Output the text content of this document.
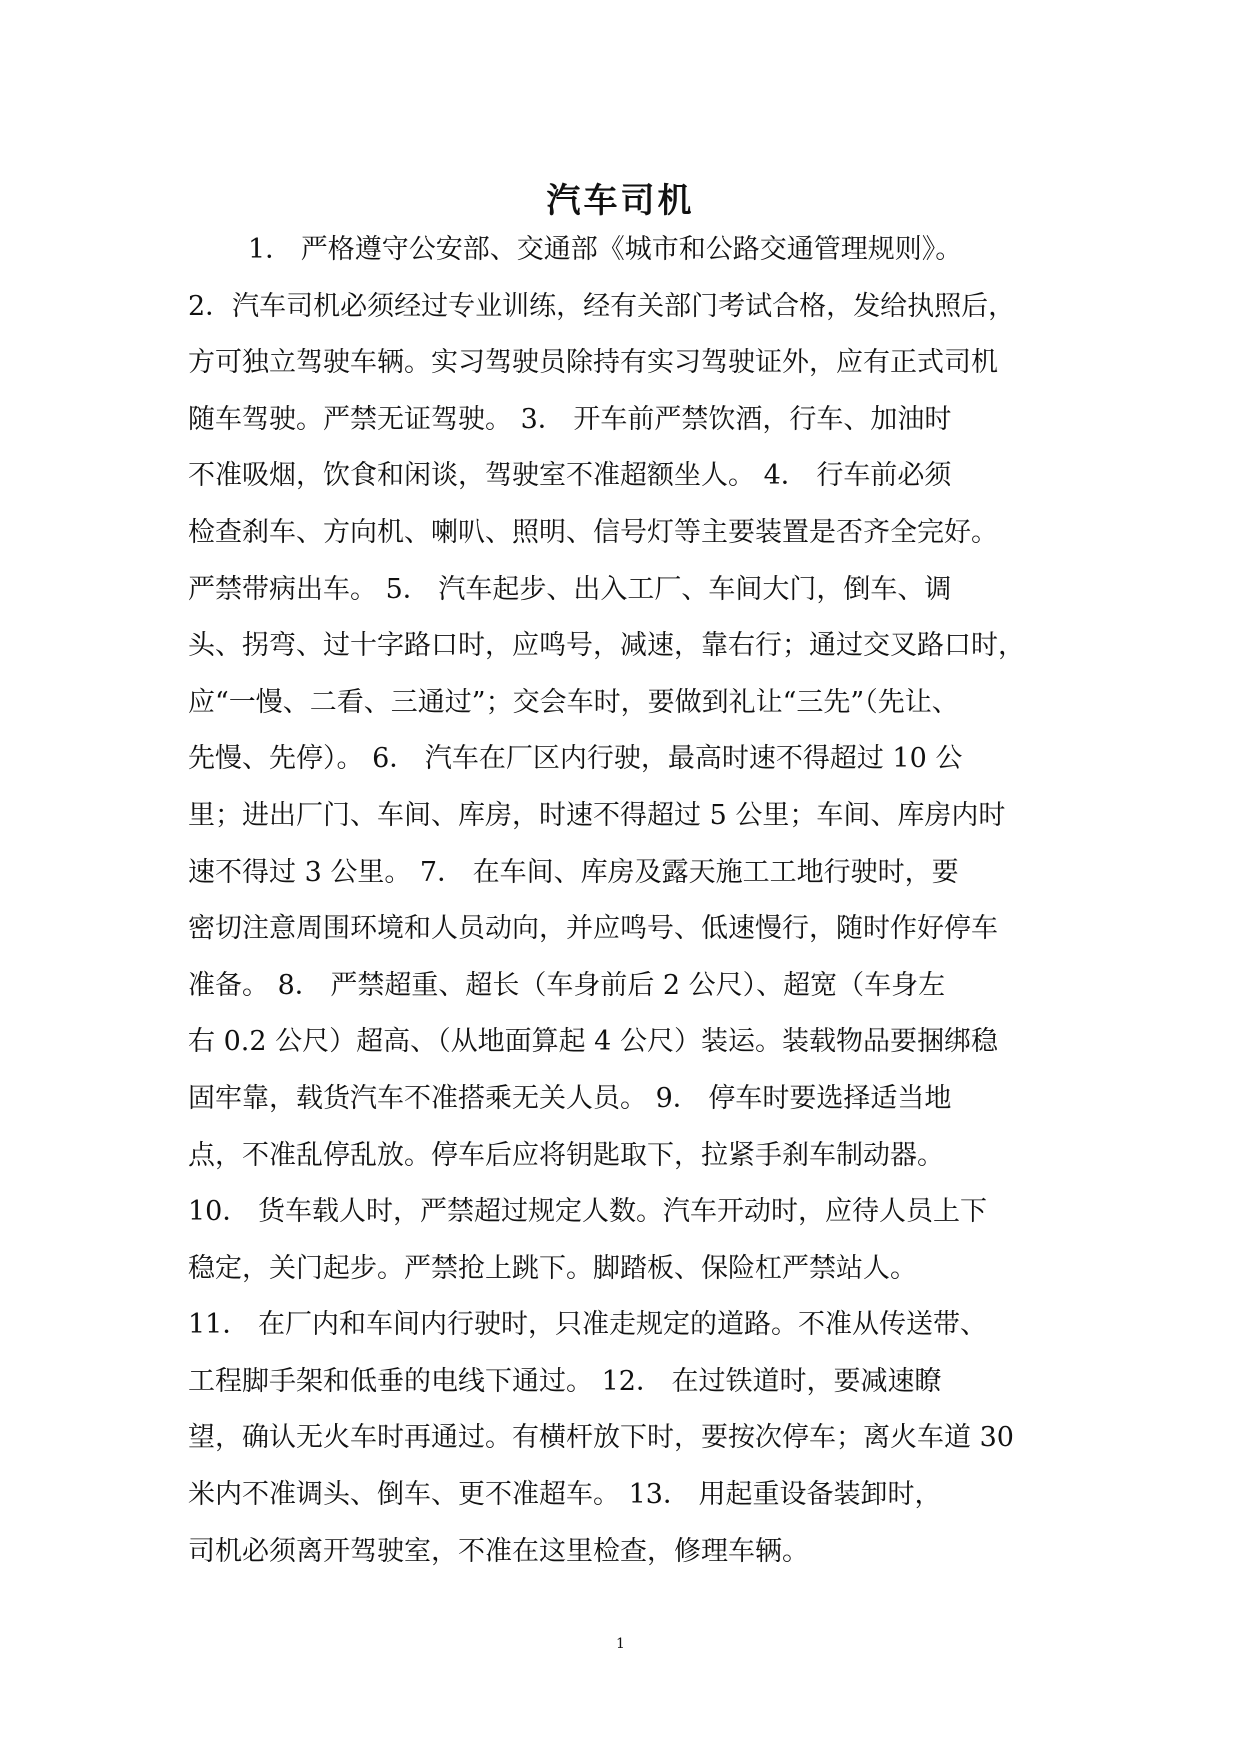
汽车司机
1． 严格遵守公安部、交通部《城市和公路交通管理规则》。
2．汽车司机必须经过专业训练，经有关部门考试合格，发给执照后，
方可独立驾驶车辆。实习驾驶员除持有实习驾驶证外，应有正式司机
随车驾驶。严禁无证驾驶。 3． 开车前严禁饮酒，行车、加油时
不准吸烟，饮食和闲谈，驾驶室不准超额坐人。 4． 行车前必须
检查刹车、方向机、喇叭、照明、信号灯等主要装置是否齐全完好。
严禁带病出车。 5． 汽车起步、出入工厂、车间大门，倒车、调
头、拐弯、过十字路口时，应鸣号，减速，靠右行；通过交叉路口时，
应“一慢、二看、三通过”；交会车时，要做到礼让“三先”（先让、
先慢、先停）。 6． 汽车在厂区内行驶，最高时速不得超过 10 公
里；进出厂门、车间、库房，时速不得超过 5 公里；车间、库房内时
速不得过 3 公里。 7． 在车间、库房及露天施工工地行驶时，要
密切注意周围环境和人员动向，并应鸣号、低速慢行，随时作好停车
准备。 8． 严禁超重、超长（车身前后 2 公尺）、超宽（车身左
右 0.2 公尺）超高、（从地面算起 4 公尺）装运。装载物品要捆绑稳
固牢靠，载货汽车不准搭乘无关人员。 9． 停车时要选择适当地
点，不准乱停乱放。停车后应将钥匙取下，拉紧手刹车制动器。
10． 货车载人时，严禁超过规定人数。汽车开动时，应待人员上下
稳定，关门起步。严禁抢上跳下。脚踏板、保险杠严禁站人。
11． 在厂内和车间内行驶时，只准走规定的道路。不准从传送带、
工程脚手架和低垂的电线下通过。 12． 在过铁道时，要减速瞭
望，确认无火车时再通过。有横杆放下时，要按次停车；离火车道 30
米内不准调头、倒车、更不准超车。 13． 用起重设备装卸时，
司机必须离开驾驶室，不准在这里检查，修理车辆。
1
